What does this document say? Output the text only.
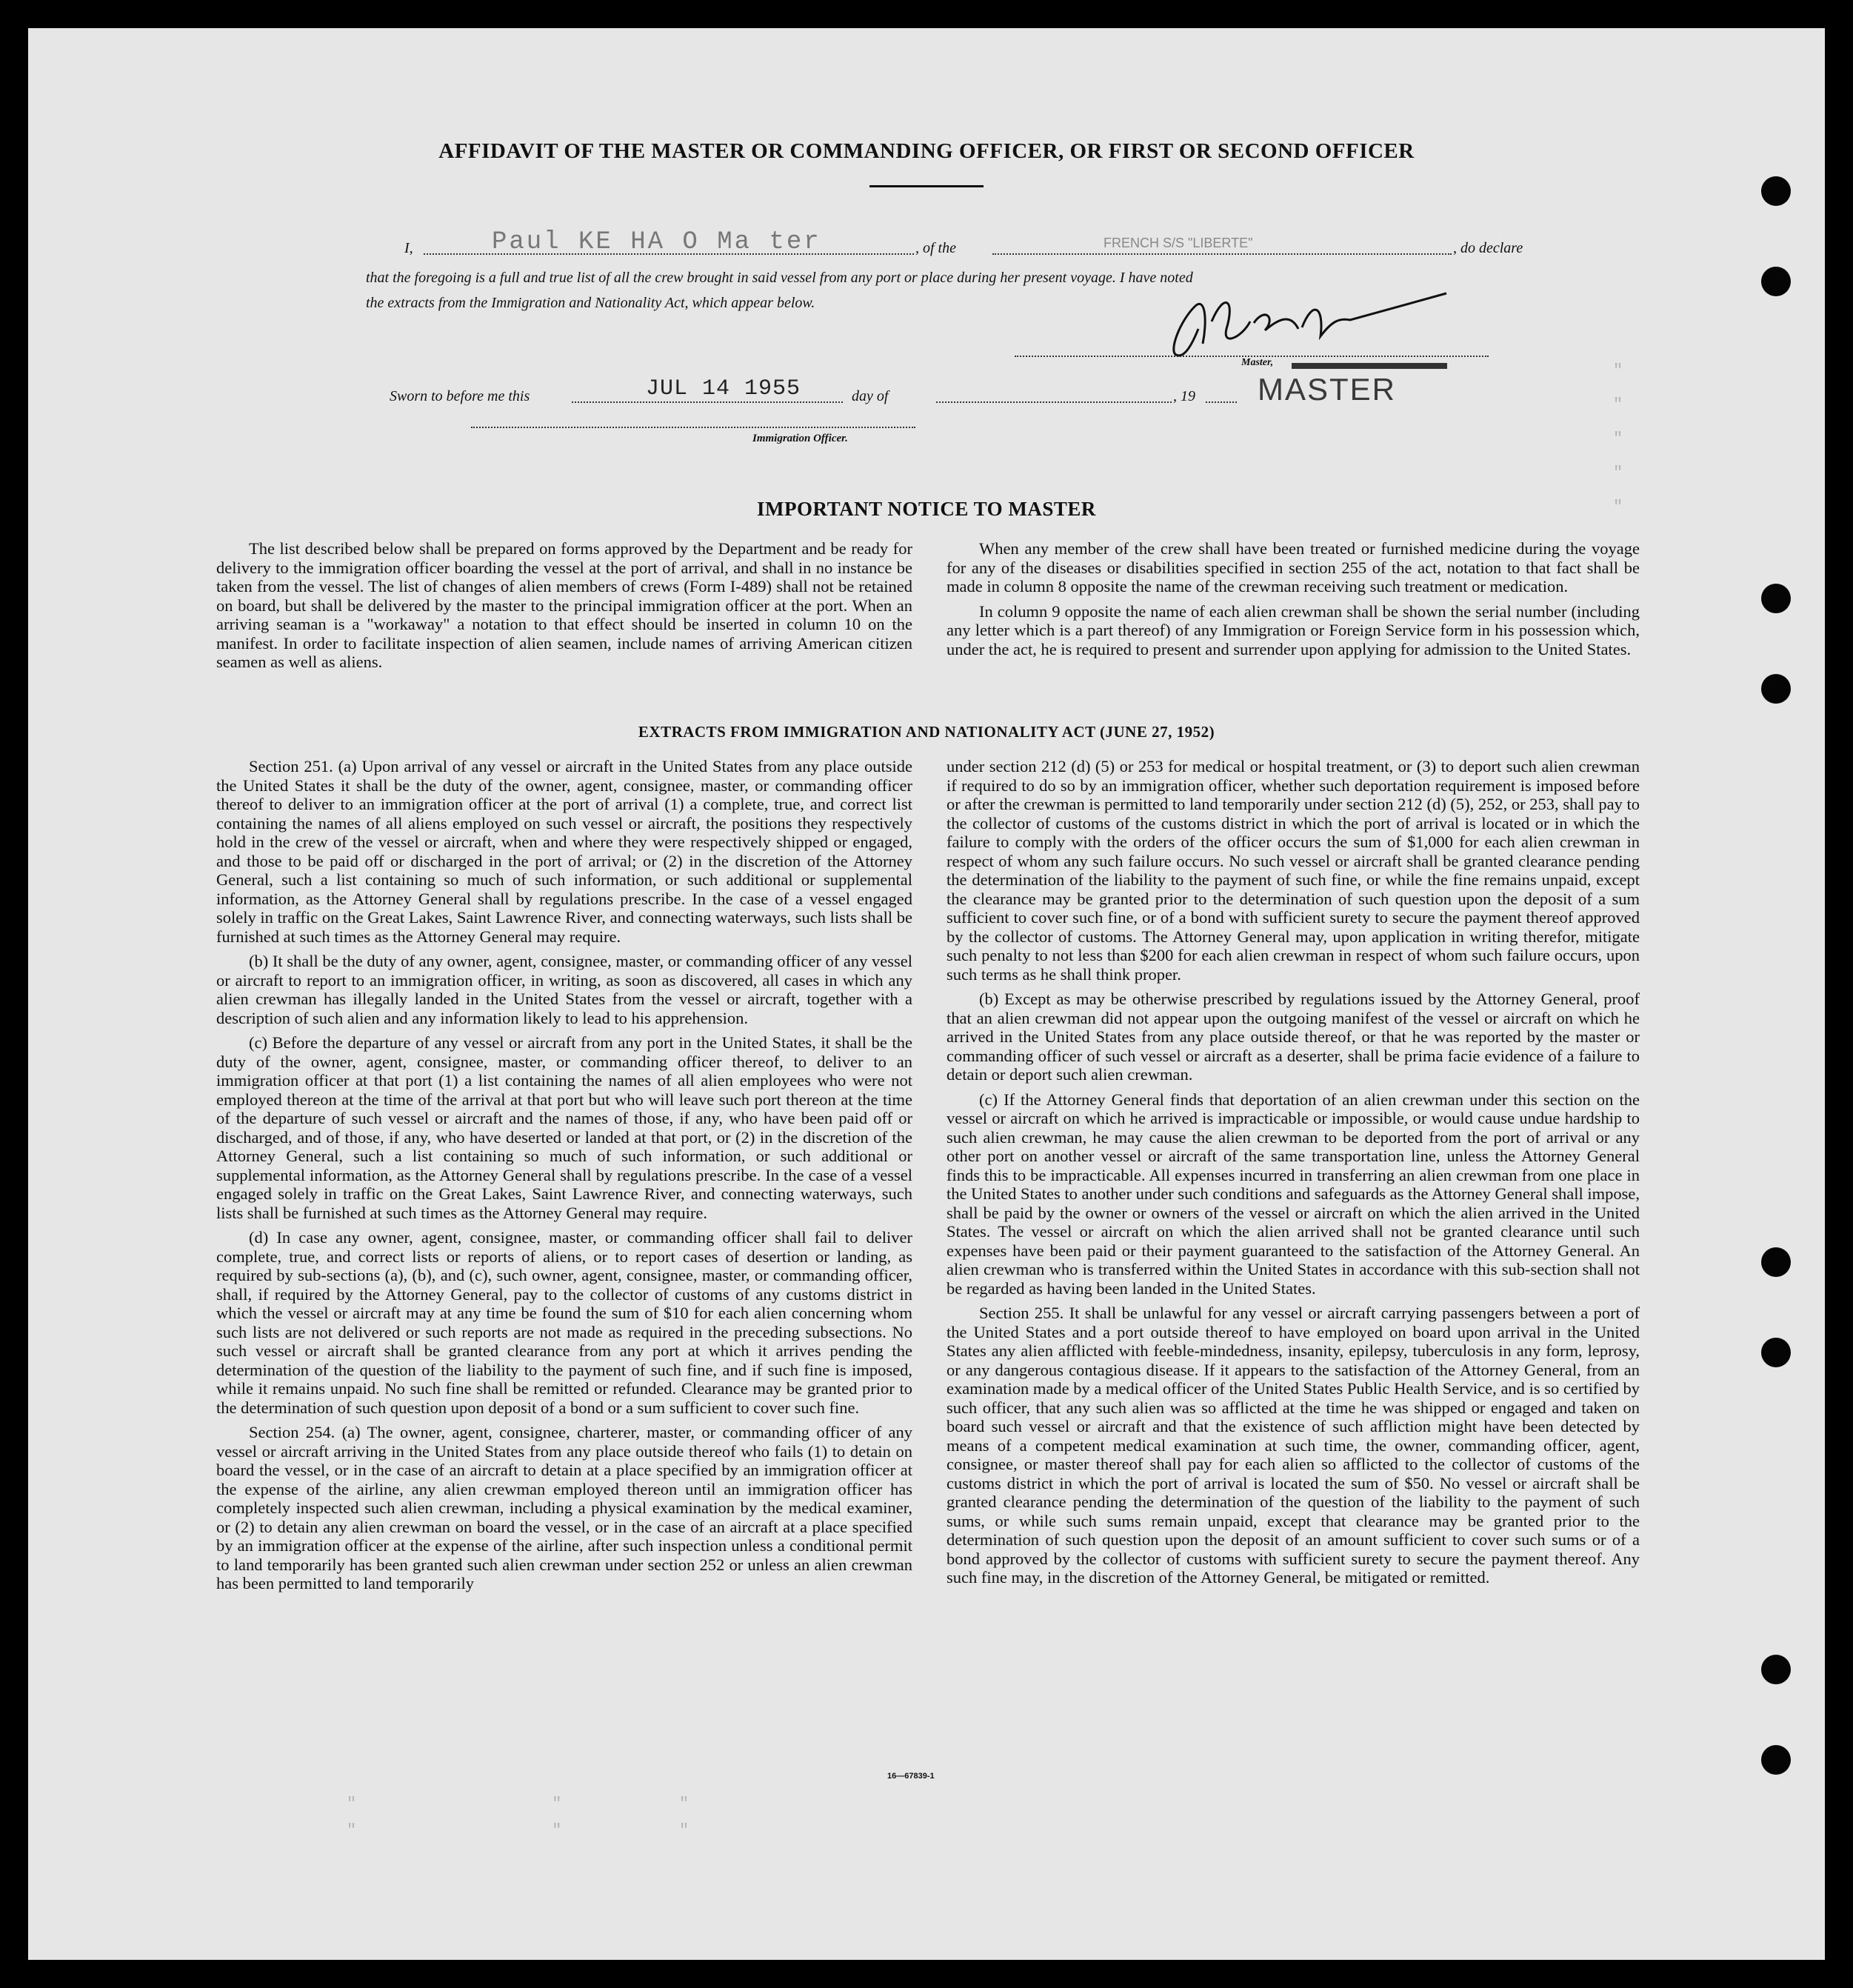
″
″
″
″
″
AFFIDAVIT OF THE MASTER OR COMMANDING OFFICER, OR FIRST OR SECOND OFFICER
I,	Paul KE HA O Ma ter	, of the	FRENCH S/S "LIBERTE"	, do declare
that the foregoing is a full and true list of all the crew brought in said vessel from any port or place during her present voyage. I have noted
the extracts from the Immigration and Nationality Act, which appear below.
Master,
MASTER
Sworn to before me this	JUL 14 1955	day of	, 19
Immigration Officer.
IMPORTANT NOTICE TO MASTER

The list described below shall be prepared on forms approved by the Department and be ready for delivery to the immigration officer boarding the vessel at the port of arrival, and shall in no instance be taken from the vessel. The list of changes of alien members of crews (Form I-489) shall not be retained on board, but shall be delivered by the master to the principal immigration officer at the port. When an arriving seaman is a "workaway" a notation to that effect should be inserted in column 10 on the manifest. In order to facilitate inspection of alien seamen, include names of arriving American citizen seamen as well as aliens.

When any member of the crew shall have been treated or furnished medicine during the voyage for any of the diseases or disabilities specified in section 255 of the act, notation to that fact shall be made in column 8 opposite the name of the crewman receiving such treatment or medication.

In column 9 opposite the name of each alien crewman shall be shown the serial number (including any letter which is a part thereof) of any Immigration or Foreign Service form in his possession which, under the act, he is required to present and surrender upon applying for admission to the United States.

EXTRACTS FROM IMMIGRATION AND NATIONALITY ACT (JUNE 27, 1952)

Section 251. (a) Upon arrival of any vessel or aircraft in the United States from any place outside the United States it shall be the duty of the owner, agent, consignee, master, or commanding officer thereof to deliver to an immigration officer at the port of arrival (1) a complete, true, and correct list containing the names of all aliens employed on such vessel or aircraft, the positions they respectively hold in the crew of the vessel or aircraft, when and where they were respectively shipped or engaged, and those to be paid off or discharged in the port of arrival; or (2) in the discretion of the Attorney General, such a list containing so much of such information, or such additional or supplemental information, as the Attorney General shall by regulations prescribe. In the case of a vessel engaged solely in traffic on the Great Lakes, Saint Lawrence River, and connecting waterways, such lists shall be furnished at such times as the Attorney General may require.

(b) It shall be the duty of any owner, agent, consignee, master, or commanding officer of any vessel or aircraft to report to an immigration officer, in writing, as soon as discovered, all cases in which any alien crewman has illegally landed in the United States from the vessel or aircraft, together with a description of such alien and any information likely to lead to his apprehension.

(c) Before the departure of any vessel or aircraft from any port in the United States, it shall be the duty of the owner, agent, consignee, master, or commanding officer thereof, to deliver to an immigration officer at that port (1) a list containing the names of all alien employees who were not employed thereon at the time of the arrival at that port but who will leave such port thereon at the time of the departure of such vessel or aircraft and the names of those, if any, who have been paid off or discharged, and of those, if any, who have deserted or landed at that port, or (2) in the discretion of the Attorney General, such a list containing so much of such information, or such additional or supplemental information, as the Attorney General shall by regulations prescribe. In the case of a vessel engaged solely in traffic on the Great Lakes, Saint Lawrence River, and connecting waterways, such lists shall be furnished at such times as the Attorney General may require.

(d) In case any owner, agent, consignee, master, or commanding officer shall fail to deliver complete, true, and correct lists or reports of aliens, or to report cases of desertion or landing, as required by sub-sections (a), (b), and (c), such owner, agent, consignee, master, or commanding officer, shall, if required by the Attorney General, pay to the collector of customs of any customs district in which the vessel or aircraft may at any time be found the sum of $10 for each alien concerning whom such lists are not delivered or such reports are not made as required in the preceding subsections. No such vessel or aircraft shall be granted clearance from any port at which it arrives pending the determination of the question of the liability to the payment of such fine, and if such fine is imposed, while it remains unpaid. No such fine shall be remitted or refunded. Clearance may be granted prior to the determination of such question upon deposit of a bond or a sum sufficient to cover such fine.

Section 254. (a) The owner, agent, consignee, charterer, master, or commanding officer of any vessel or aircraft arriving in the United States from any place outside thereof who fails (1) to detain on board the vessel, or in the case of an aircraft to detain at a place specified by an immigration officer at the expense of the airline, any alien crewman employed thereon until an immigration officer has completely inspected such alien crewman, including a physical examination by the medical examiner, or (2) to detain any alien crewman on board the vessel, or in the case of an aircraft at a place specified by an immigration officer at the expense of the airline, after such inspection unless a conditional permit to land temporarily has been granted such alien crewman under section 252 or unless an alien crewman has been permitted to land temporarily

under section 212 (d) (5) or 253 for medical or hospital treatment, or (3) to deport such alien crewman if required to do so by an immigration officer, whether such deportation requirement is imposed before or after the crewman is permitted to land temporarily under section 212 (d) (5), 252, or 253, shall pay to the collector of customs of the customs district in which the port of arrival is located or in which the failure to comply with the orders of the officer occurs the sum of $1,000 for each alien crewman in respect of whom any such failure occurs. No such vessel or aircraft shall be granted clearance pending the determination of the liability to the payment of such fine, or while the fine remains unpaid, except the clearance may be granted prior to the determination of such question upon the deposit of a sum sufficient to cover such fine, or of a bond with sufficient surety to secure the payment thereof approved by the collector of customs. The Attorney General may, upon application in writing therefor, mitigate such penalty to not less than $200 for each alien crewman in respect of whom such failure occurs, upon such terms as he shall think proper.

(b) Except as may be otherwise prescribed by regulations issued by the Attorney General, proof that an alien crewman did not appear upon the outgoing manifest of the vessel or aircraft on which he arrived in the United States from any place outside thereof, or that he was reported by the master or commanding officer of such vessel or aircraft as a deserter, shall be prima facie evidence of a failure to detain or deport such alien crewman.

(c) If the Attorney General finds that deportation of an alien crewman under this section on the vessel or aircraft on which he arrived is impracticable or impossible, or would cause undue hardship to such alien crewman, he may cause the alien crewman to be deported from the port of arrival or any other port on another vessel or aircraft of the same transportation line, unless the Attorney General finds this to be impracticable. All expenses incurred in transferring an alien crewman from one place in the United States to another under such conditions and safeguards as the Attorney General shall impose, shall be paid by the owner or owners of the vessel or aircraft on which the alien arrived in the United States. The vessel or aircraft on which the alien arrived shall not be granted clearance until such expenses have been paid or their payment guaranteed to the satisfaction of the Attorney General. An alien crewman who is transferred within the United States in accordance with this sub-section shall not be regarded as having been landed in the United States.

Section 255. It shall be unlawful for any vessel or aircraft carrying passengers between a port of the United States and a port outside thereof to have employed on board upon arrival in the United States any alien afflicted with feeble-mindedness, insanity, epilepsy, tuberculosis in any form, leprosy, or any dangerous contagious disease. If it appears to the satisfaction of the Attorney General, from an examination made by a medical officer of the United States Public Health Service, and is so certified by such officer, that any such alien was so afflicted at the time he was shipped or engaged and taken on board such vessel or aircraft and that the existence of such affliction might have been detected by means of a competent medical examination at such time, the owner, commanding officer, agent, consignee, or master thereof shall pay for each alien so afflicted to the collector of customs of the customs district in which the port of arrival is located the sum of $50. No vessel or aircraft shall be granted clearance pending the determination of the question of the liability to the payment of such sums, or while such sums remain unpaid, except that clearance may be granted prior to the determination of such question upon the deposit of an amount sufficient to cover such sums or of a bond approved by the collector of customs with sufficient surety to secure the payment thereof. Any such fine may, in the discretion of the Attorney General, be mitigated or remitted.

16—67839-1
″                    ″            ″
″                    ″            ″
